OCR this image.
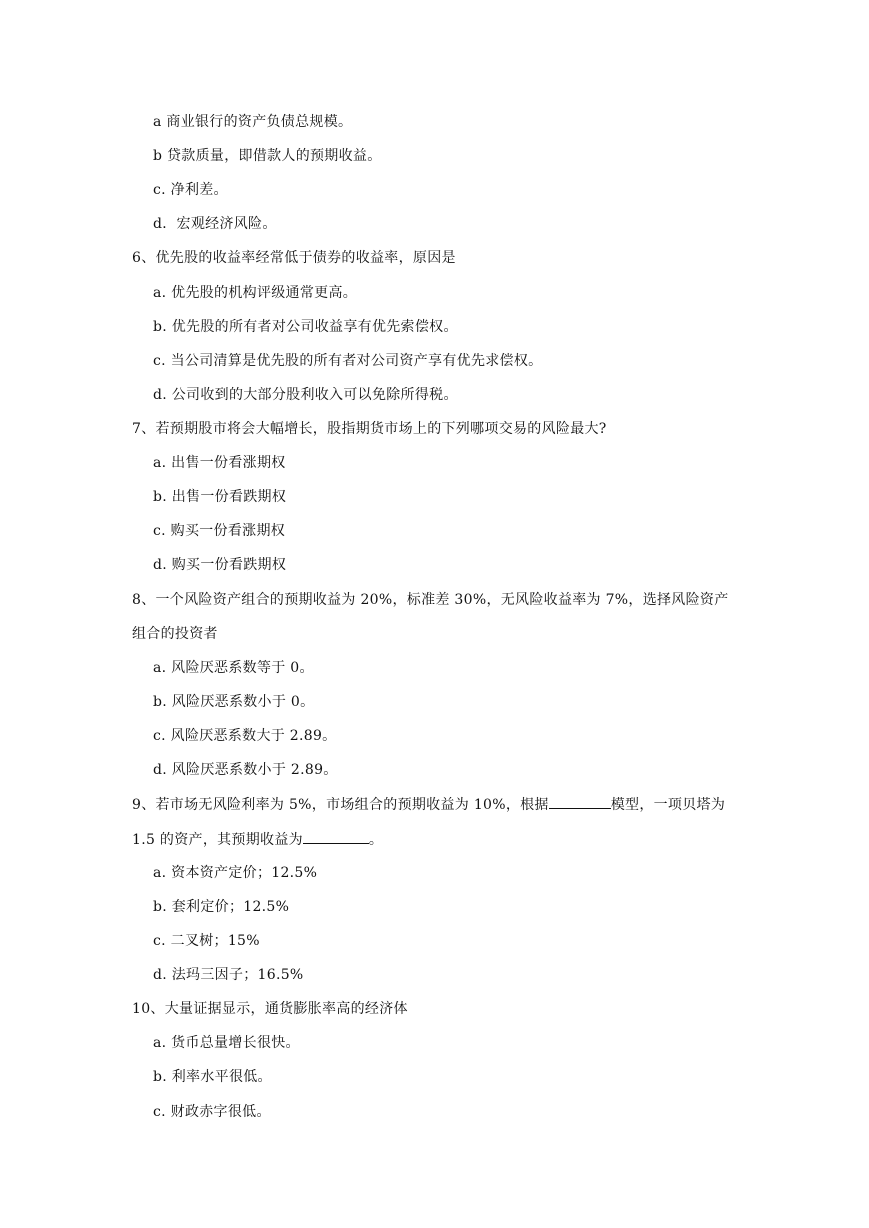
a 商业银行的资产负债总规模。
b 贷款质量，即借款人的预期收益。
c. 净利差。
d．宏观经济风险。
6、优先股的收益率经常低于债券的收益率，原因是
a. 优先股的机构评级通常更高。
b. 优先股的所有者对公司收益享有优先索偿权。
c. 当公司清算是优先股的所有者对公司资产享有优先求偿权。
d. 公司收到的大部分股利收入可以免除所得税。
7、若预期股市将会大幅增长，股指期货市场上的下列哪项交易的风险最大?
a. 出售一份看涨期权
b. 出售一份看跌期权
c. 购买一份看涨期权
d. 购买一份看跌期权
8、一个风险资产组合的预期收益为 20%，标准差 30%，无风险收益率为 7%，选择风险资产
组合的投资者
a. 风险厌恶系数等于 0。
b. 风险厌恶系数小于 0。
c. 风险厌恶系数大于 2.89。
d. 风险厌恶系数小于 2.89。
9、若市场无风险利率为 5%，市场组合的预期收益为 10%，根据	模型，一项贝塔为
1.5 的资产，其预期收益为	。
a. 资本资产定价；12.5%
b. 套利定价；12.5%
c. 二叉树；15%
d. 法玛三因子；16.5%
10、大量证据显示，通货膨胀率高的经济体
a. 货币总量增长很快。
b. 利率水平很低。
c. 财政赤字很低。
